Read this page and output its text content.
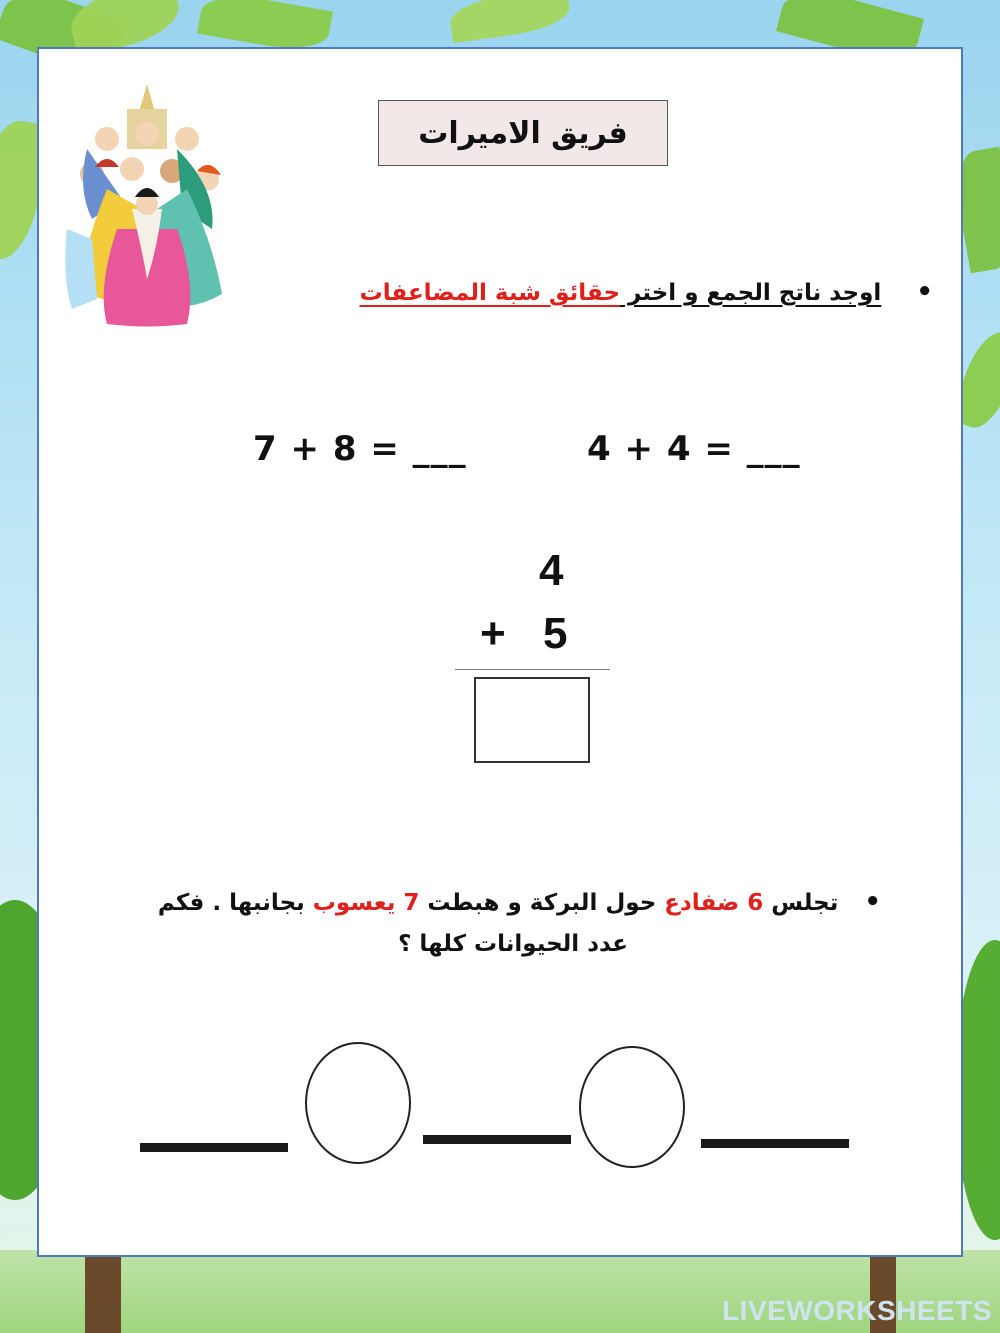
فريق الاميرات
• اوجد ناتج الجمع و اختر حقائق شبة المضاعفات
7 + 8 = ___	4 + 4 = ___
4
+ 5
•تجلس 6 ضفادع حول البركة و هبطت 7 يعسوب بجانبها . فكم
عدد الحيوانات كلها ؟
LIVEWORKSHEETS
